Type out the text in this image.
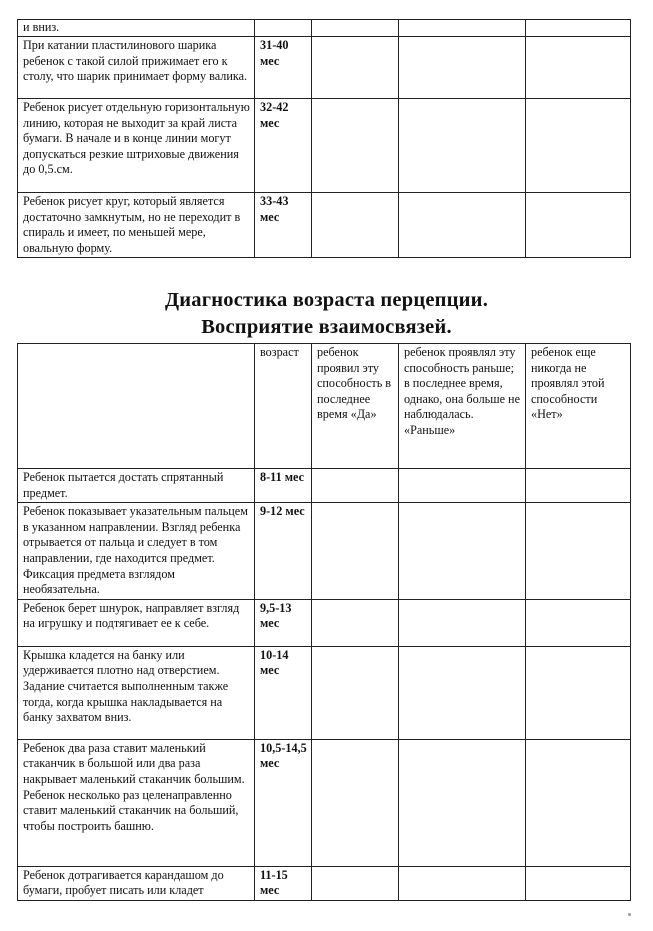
и вниз.				
При катании пластилинового шарика ребенок с такой силой прижимает его к столу, что шарик принимает форму валика.	31-40 мес			
Ребенок рисует отдельную горизонтальную линию, которая не выходит за край листа бумаги. В начале и в конце линии могут допускаться резкие штриховые движения до 0,5.см.	32-42 мес			
Ребенок рисует круг, который является достаточно замкнутым, но не переходит в спираль и имеет, по меньшей мере, овальную форму.	33-43 мес			
Диагностика возраста перцепции.
Восприятие взаимосвязей.
	возраст	ребенок проявил эту способность в последнее время «Да»	ребенок проявлял эту способность раньше; в последнее время, однако, она больше не наблюдалась. «Раньше»	ребенок еще никогда не проявлял этой способности «Нет»
Ребенок пытается достать спрятанный предмет.	8-11 мес			
Ребенок показывает указательным пальцем в указанном направлении. Взгляд ребенка отрывается от пальца и следует в том направлении, где находится предмет. Фиксация предмета взглядом необязательна.	9-12 мес			
Ребенок берет шнурок, направляет взгляд на игрушку и подтягивает ее к себе.	9,5-13 мес			
Крышка кладется на банку или удерживается плотно над отверстием. Задание считается выполненным также тогда, когда крышка накладывается на банку захватом вниз.	10-14 мес			
Ребенок два раза ставит маленький стаканчик в большой или два раза накрывает маленький стаканчик большим.
Ребенок несколько раз целенаправленно ставит маленький стаканчик на больший, чтобы построить башню.	10,5-14,5 мес			
Ребенок дотрагивается карандашом до бумаги, пробует писать или кладет	11-15 мес			
